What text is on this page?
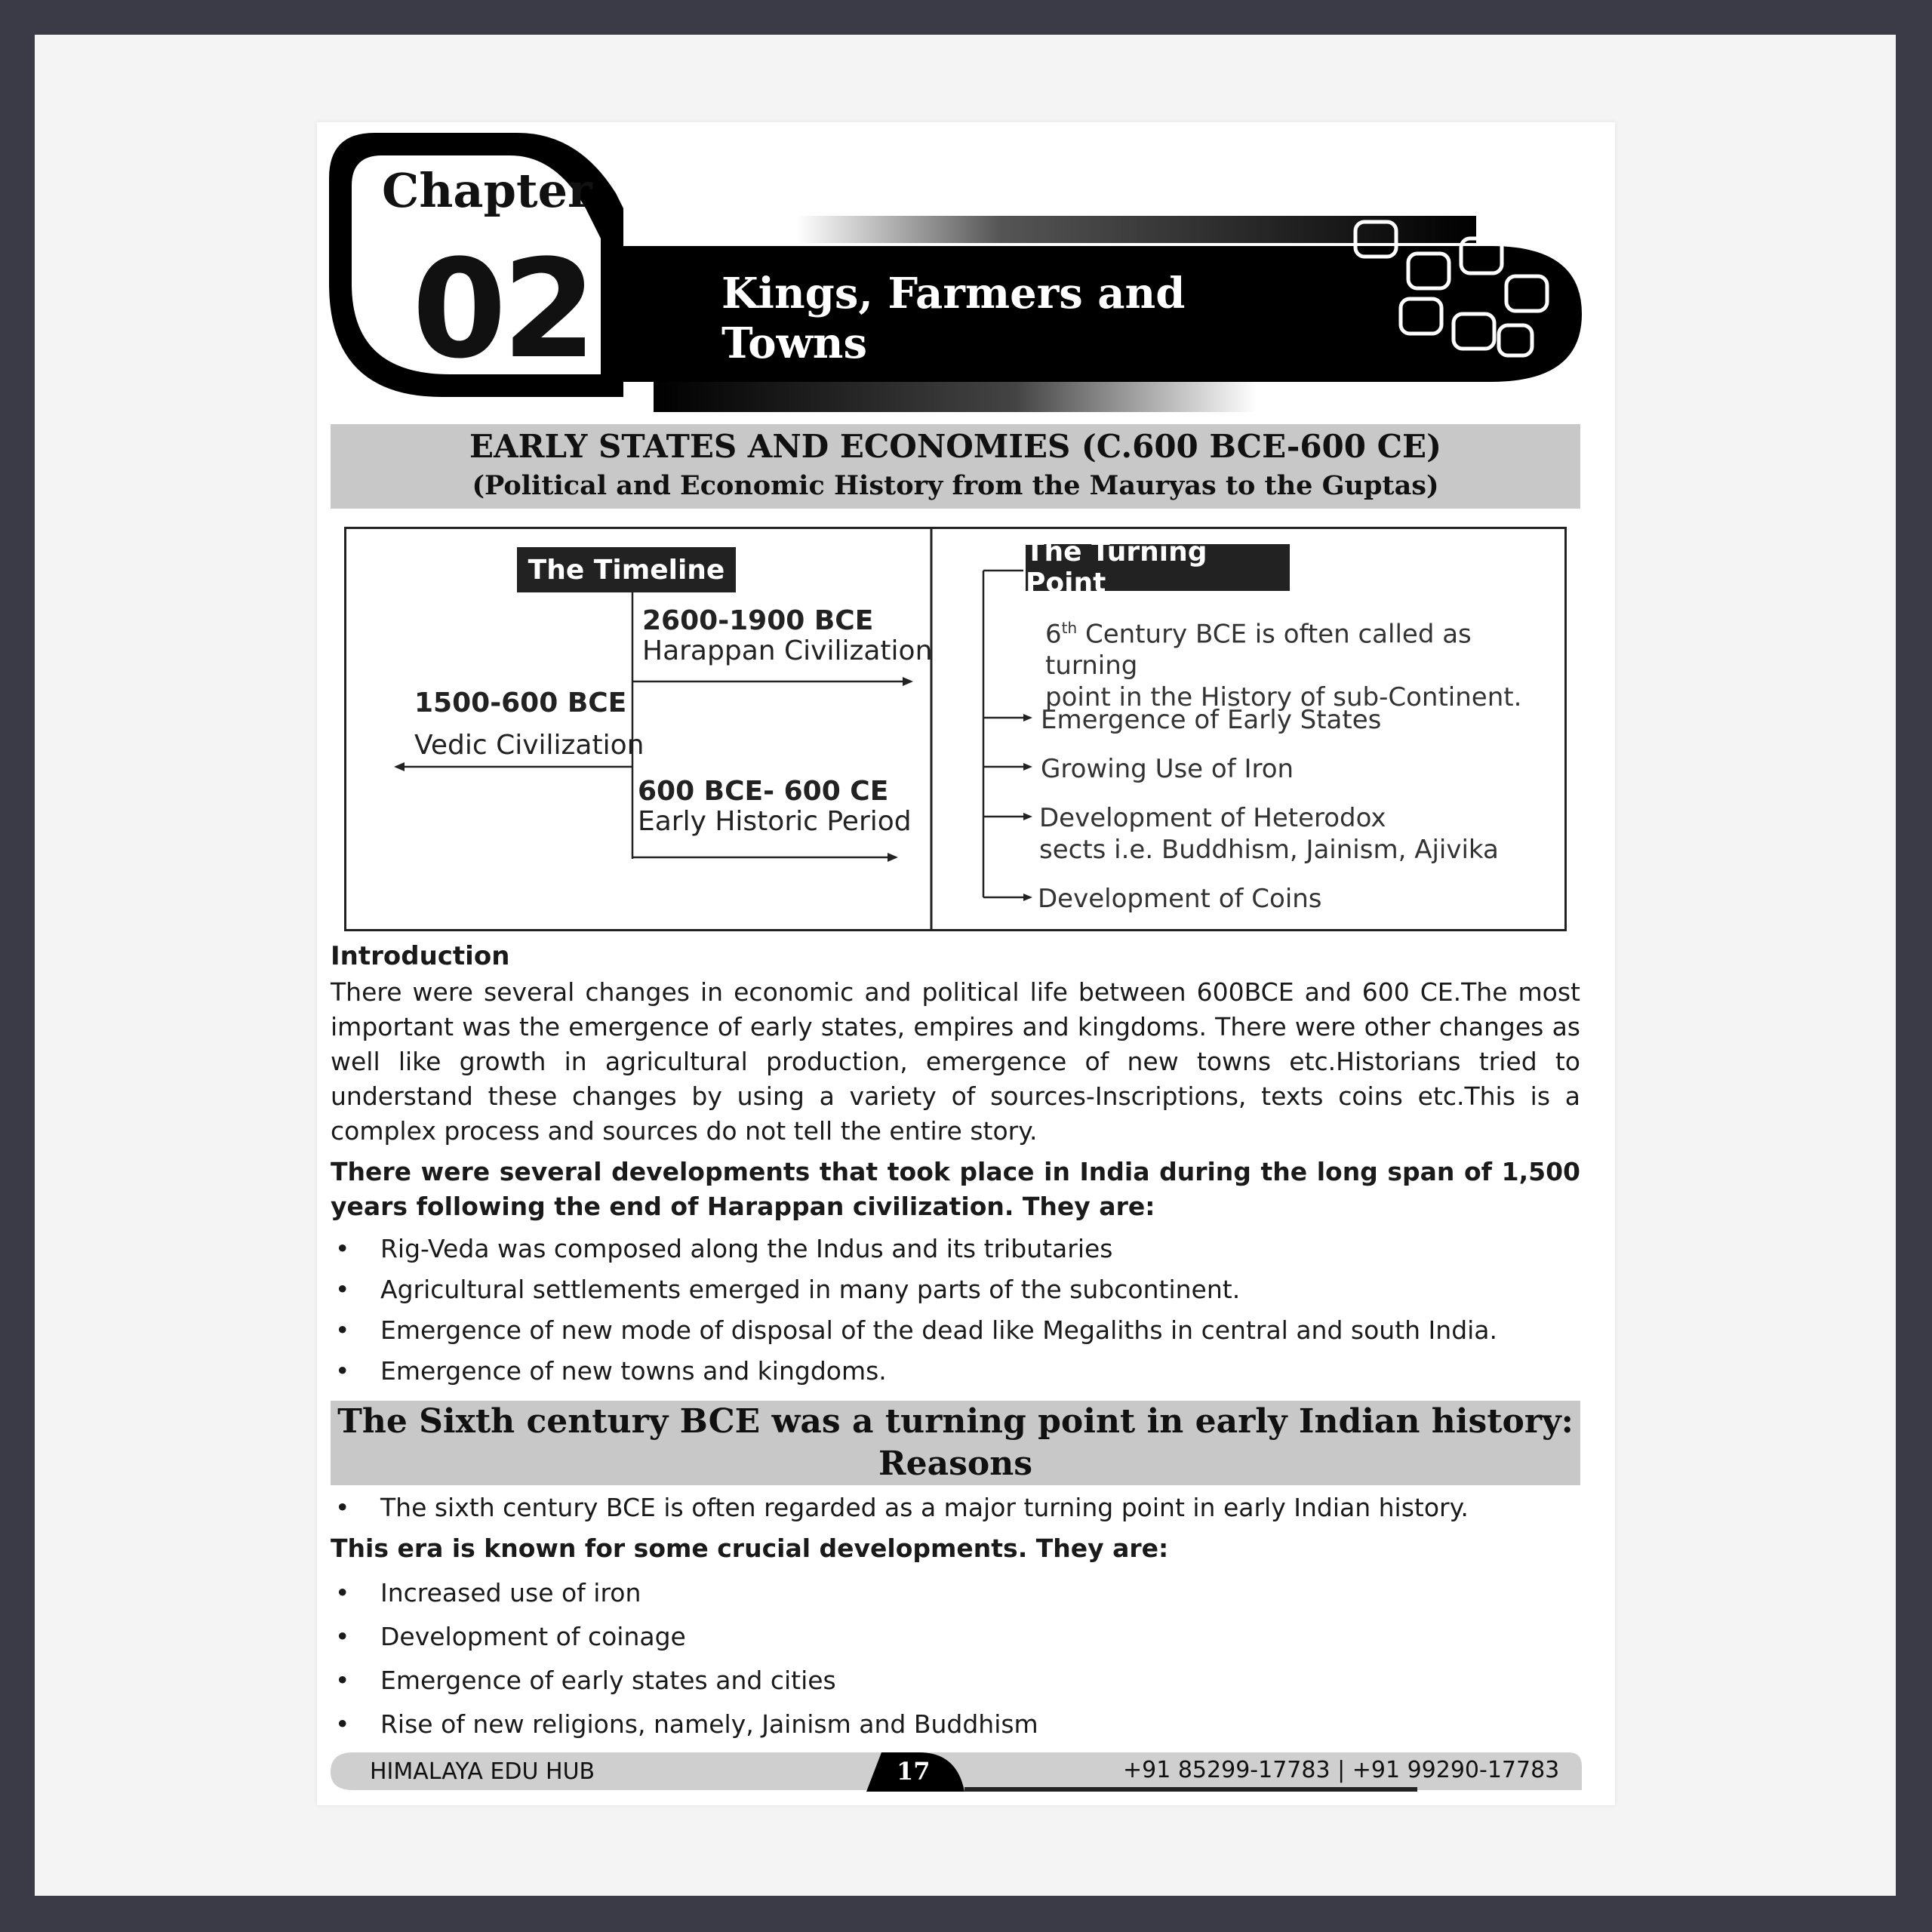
Chapter
02	Kings, Farmers and Towns
EARLY STATES AND ECONOMIES (C.600 BCE-600 CE)
(Political and Economic History from the Mauryas to the Guptas)
The Timeline
2600-1900 BCE
Harappan Civilization
1500-600 BCE
Vedic Civilization
600 BCE- 600 CE
Early Historic Period
The Turning Point
6th Century BCE is often called as turning
point in the History of sub-Continent.
Emergence of Early States
Growing Use of Iron
Development of Heterodox
sects i.e. Buddhism, Jainism, Ajivika
Development of Coins
Introduction
There were several changes in economic and political life between 600BCE and 600 CE.The most important was the emergence of early states, empires and kingdoms. There were other changes as well like growth in agricultural production, emergence of new towns etc.Historians tried to understand these changes by using a variety of sources-Inscriptions, texts coins etc.This is a complex process and sources do not tell the entire story.
There were several developments that took place in India during the long span of 1,500 years following the end of Harappan civilization. They are:
• Rig-Veda was composed along the Indus and its tributaries
• Agricultural settlements emerged in many parts of the subcontinent.
• Emergence of new mode of disposal of the dead like Megaliths in central and south India.
• Emergence of new towns and kingdoms.
The Sixth century BCE was a turning point in early Indian history:
Reasons
• The sixth century BCE is often regarded as a major turning point in early Indian history.
This era is known for some crucial developments. They are:
• Increased use of iron
• Development of coinage
• Emergence of early states and cities
• Rise of new religions, namely, Jainism and Buddhism
HIMALAYA EDU HUB	17	+91 85299-17783 | +91 99290-17783
